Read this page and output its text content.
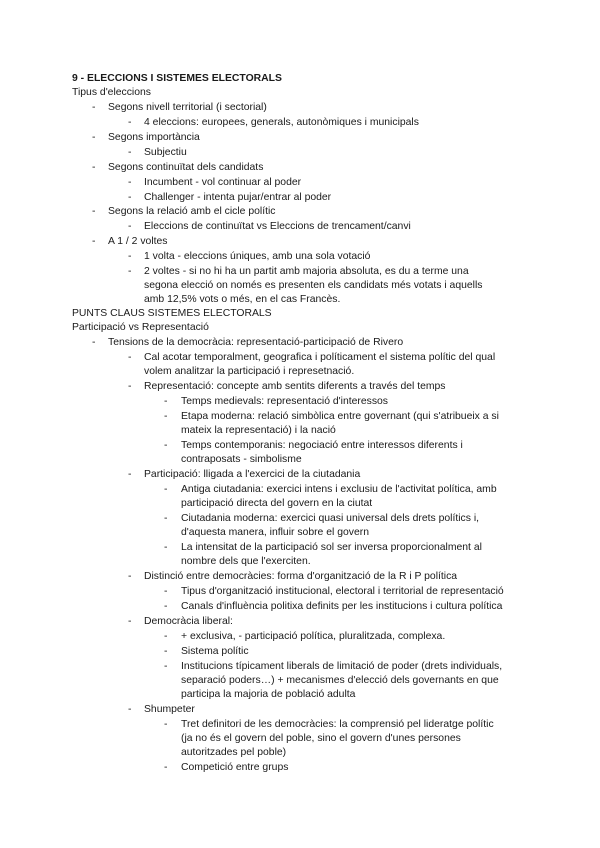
9 - ELECCIONS I SISTEMES ELECTORALS
Tipus d'eleccions
- Segons nivell territorial (i sectorial)
- 4 eleccions: europees, generals, autonòmiques i municipals
- Segons importància
- Subjectiu
- Segons continuïtat dels candidats
- Incumbent - vol continuar al poder
- Challenger - intenta pujar/entrar al poder
- Segons la relació amb el cicle polític
- Eleccions de continuïtat vs Eleccions de trencament/canvi
- A 1 / 2 voltes
- 1 volta - eleccions úniques, amb una sola votació
- 2 voltes - si no hi ha un partit amb majoria absoluta, es du a terme una
segona elecció on només es presenten els candidats més votats i aquells
amb 12,5% vots o més, en el cas Francès.
PUNTS CLAUS SISTEMES ELECTORALS
Participació vs Representació
- Tensions de la democràcia: representació-participació de Rivero
- Cal acotar temporalment, geografica i políticament el sistema polític del qual
volem analitzar la participació i represetnació.
- Representació: concepte amb sentits diferents a través del temps
- Temps medievals: representació d'interessos
- Etapa moderna: relació simbòlica entre governant (qui s'atribueix a si
mateix la representació) i la nació
- Temps contemporanis: negociació entre interessos diferents i
contraposats - simbolisme
- Participació: lligada a l'exercici de la ciutadania
- Antiga ciutadania: exercici intens i exclusiu de l'activitat política, amb
participació directa del govern en la ciutat
- Ciutadania moderna: exercici quasi universal dels drets polítics i,
d'aquesta manera, influir sobre el govern
- La intensitat de la participació sol ser inversa proporcionalment al
nombre dels que l'exerciten.
- Distinció entre democràcies: forma d'organització de la R i P política
- Tipus d'organització institucional, electoral i territorial de representació
- Canals d'influència politixa definits per les institucions i cultura política
- Democràcia liberal:
- + exclusiva, - participació política, pluralitzada, complexa.
- Sistema polític
- Institucions típicament liberals de limitació de poder (drets individuals,
separació poders…) + mecanismes d'elecció dels governants en que
participa la majoria de població adulta
- Shumpeter
- Tret definitori de les democràcies: la comprensió pel lideratge polític
(ja no és el govern del poble, sino el govern d'unes persones
autoritzades pel poble)
- Competició entre grups
